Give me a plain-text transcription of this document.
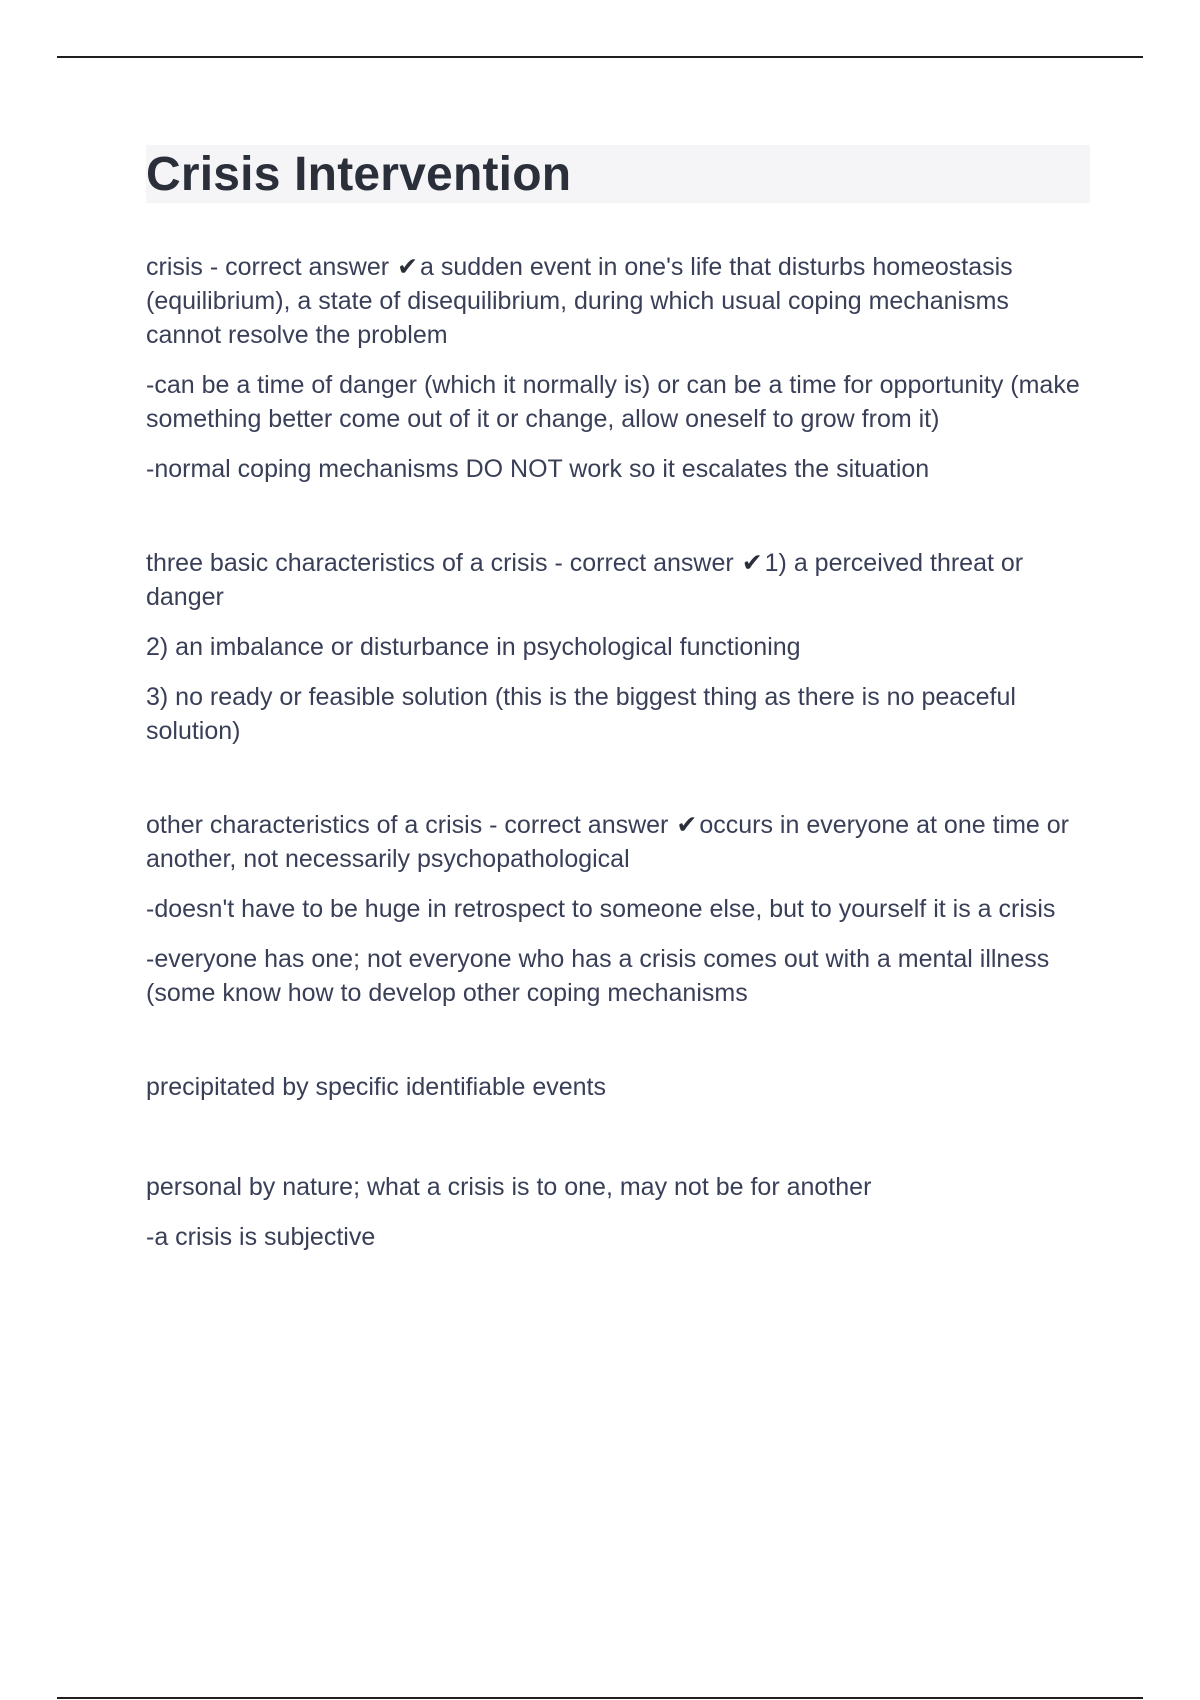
Crisis Intervention

crisis - correct answer ✔a sudden event in one's life that disturbs homeostasis (equilibrium), a state of disequilibrium, during which usual coping mechanisms cannot resolve the problem

-can be a time of danger (which it normally is) or can be a time for opportunity (make something better come out of it or change, allow oneself to grow from it)

-normal coping mechanisms DO NOT work so it escalates the situation

three basic characteristics of a crisis - correct answer ✔1) a perceived threat or danger

2) an imbalance or disturbance in psychological functioning

3) no ready or feasible solution (this is the biggest thing as there is no peaceful solution)

other characteristics of a crisis - correct answer ✔occurs in everyone at one time or another, not necessarily psychopathological

-doesn't have to be huge in retrospect to someone else, but to yourself it is a crisis

-everyone has one; not everyone who has a crisis comes out with a mental illness (some know how to develop other coping mechanisms

precipitated by specific identifiable events

personal by nature; what a crisis is to one, may not be for another

-a crisis is subjective
